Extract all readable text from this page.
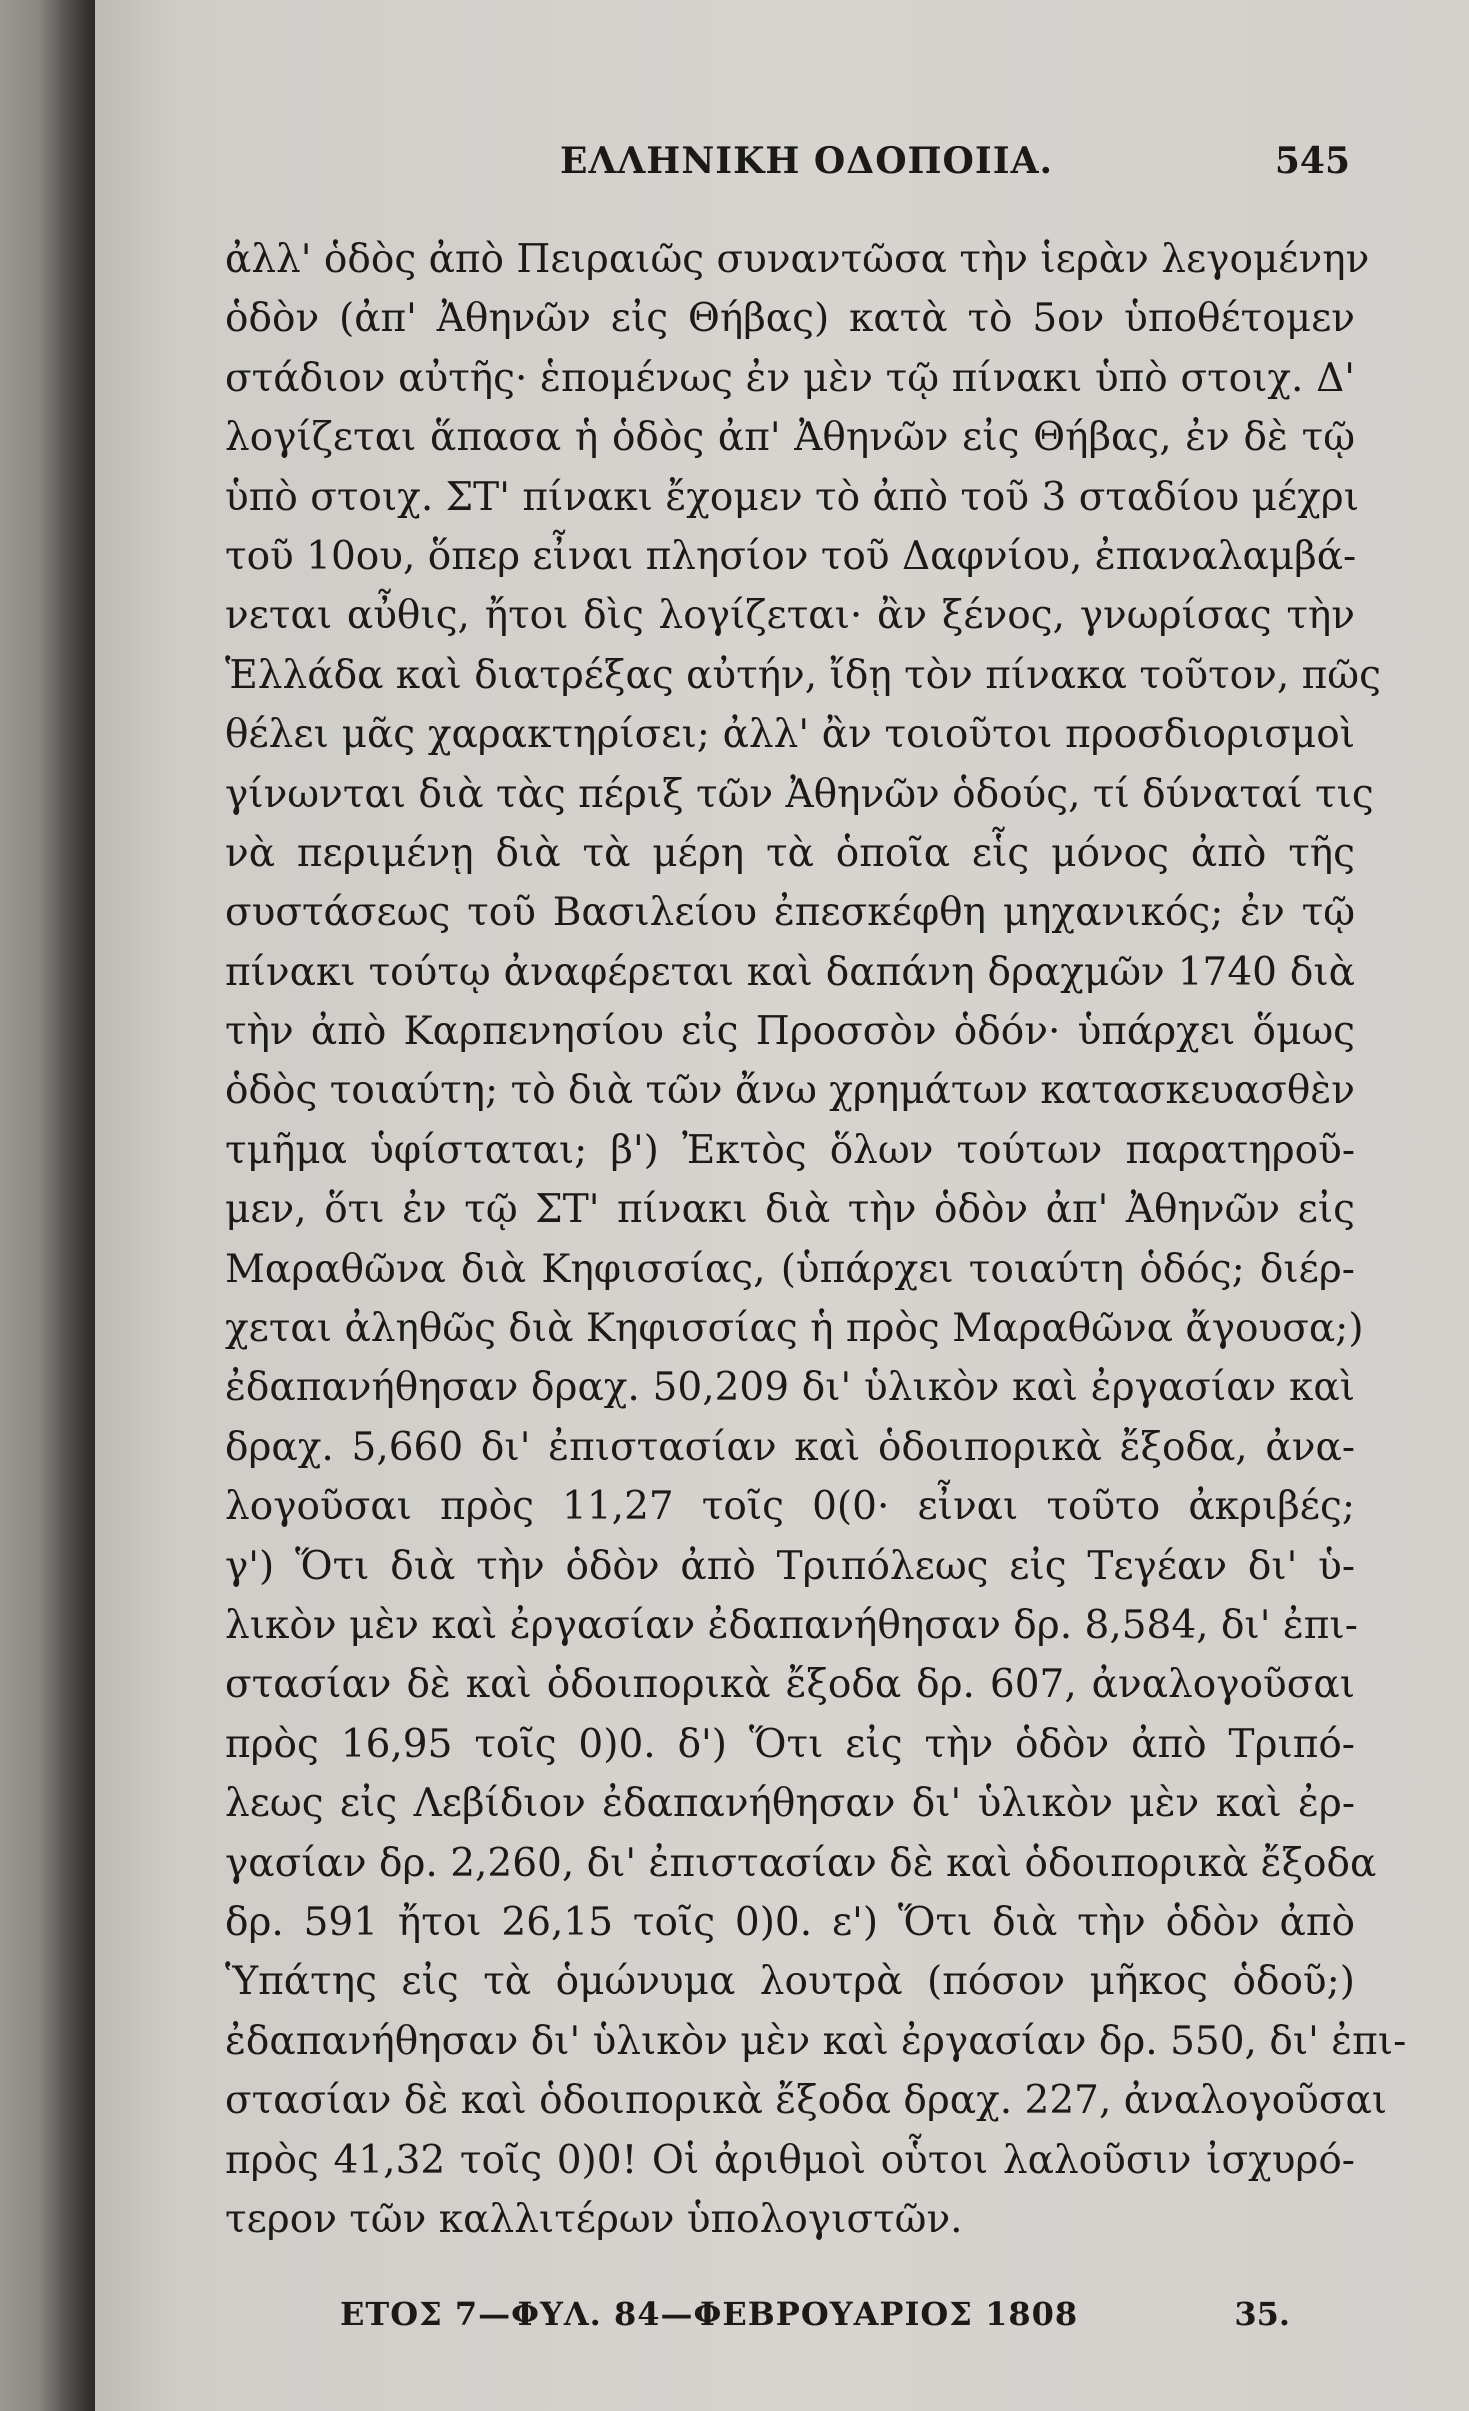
ΕΛΛΗΝΙΚΗ ΟΔΟΠΟΙΙΑ.	545
ἀλλ' ὁδὸς ἀπὸ Πειραιῶς συναντῶσα τὴν ἱερὰν λεγομένην
ὁδὸν (ἀπ' Ἀθηνῶν εἰς Θήβας) κατὰ τὸ 5ον ὑποθέτομεν
στάδιον αὐτῆς· ἑπομένως ἐν μὲν τῷ πίνακι ὑπὸ στοιχ. Δ'
λογίζεται ἅπασα ἡ ὁδὸς ἀπ' Ἀθηνῶν εἰς Θήβας, ἐν δὲ τῷ
ὑπὸ στοιχ. ΣΤ' πίνακι ἔχομεν τὸ ἀπὸ τοῦ 3 σταδίου μέχρι
τοῦ 10ου, ὅπερ εἶναι πλησίον τοῦ Δαφνίου, ἐπαναλαμβά-
νεται αὖθις, ἤτοι δὶς λογίζεται· ἂν ξένος, γνωρίσας τὴν
Ἑλλάδα καὶ διατρέξας αὐτήν, ἴδῃ τὸν πίνακα τοῦτον, πῶς
θέλει μᾶς χαρακτηρίσει; ἀλλ' ἂν τοιοῦτοι προσδιορισμοὶ
γίνωνται διὰ τὰς πέριξ τῶν Ἀθηνῶν ὁδούς, τί δύναταί τις
νὰ περιμένῃ διὰ τὰ μέρη τὰ ὁποῖα εἷς μόνος ἀπὸ τῆς
συστάσεως τοῦ Βασιλείου ἐπεσκέφθη μηχανικός; ἐν τῷ
πίνακι τούτῳ ἀναφέρεται καὶ δαπάνη δραχμῶν 1740 διὰ
τὴν ἀπὸ Καρπενησίου εἰς Προσσὸν ὁδόν· ὑπάρχει ὅμως
ὁδὸς τοιαύτη; τὸ διὰ τῶν ἄνω χρημάτων κατασκευασθὲν
τμῆμα ὑφίσταται; β') Ἐκτὸς ὅλων τούτων παρατηροῦ-
μεν, ὅτι ἐν τῷ ΣΤ' πίνακι διὰ τὴν ὁδὸν ἀπ' Ἀθηνῶν εἰς
Μαραθῶνα διὰ Κηφισσίας, (ὑπάρχει τοιαύτη ὁδός; διέρ-
χεται ἀληθῶς διὰ Κηφισσίας ἡ πρὸς Μαραθῶνα ἄγουσα;)
ἐδαπανήθησαν δραχ. 50,209 δι' ὑλικὸν καὶ ἐργασίαν καὶ
δραχ. 5,660 δι' ἐπιστασίαν καὶ ὁδοιπορικὰ ἔξοδα, ἀνα-
λογοῦσαι πρὸς 11,27 τοῖς 0(0· εἶναι τοῦτο ἀκριβές;
γ') Ὅτι διὰ τὴν ὁδὸν ἀπὸ Τριπόλεως εἰς Τεγέαν δι' ὑ-
λικὸν μὲν καὶ ἐργασίαν ἐδαπανήθησαν δρ. 8,584, δι' ἐπι-
στασίαν δὲ καὶ ὁδοιπορικὰ ἔξοδα δρ. 607, ἀναλογοῦσαι
πρὸς 16,95 τοῖς 0)0. δ') Ὅτι εἰς τὴν ὁδὸν ἀπὸ Τριπό-
λεως εἰς Λεβίδιον ἐδαπανήθησαν δι' ὑλικὸν μὲν καὶ ἐρ-
γασίαν δρ. 2,260, δι' ἐπιστασίαν δὲ καὶ ὁδοιπορικὰ ἔξοδα
δρ. 591 ἤτοι 26,15 τοῖς 0)0. ε') Ὅτι διὰ τὴν ὁδὸν ἀπὸ
Ὑπάτης εἰς τὰ ὁμώνυμα λουτρὰ (πόσον μῆκος ὁδοῦ;)
ἐδαπανήθησαν δι' ὑλικὸν μὲν καὶ ἐργασίαν δρ. 550, δι' ἐπι-
στασίαν δὲ καὶ ὁδοιπορικὰ ἔξοδα δραχ. 227, ἀναλογοῦσαι
πρὸς 41,32 τοῖς 0)0! Οἱ ἀριθμοὶ οὗτοι λαλοῦσιν ἰσχυρό-
τερον τῶν καλλιτέρων ὑπολογιστῶν.
ΕΤΟΣ 7—ΦΥΛ. 84—ΦΕΒΡΟΥΑΡΙΟΣ 1808	35.
